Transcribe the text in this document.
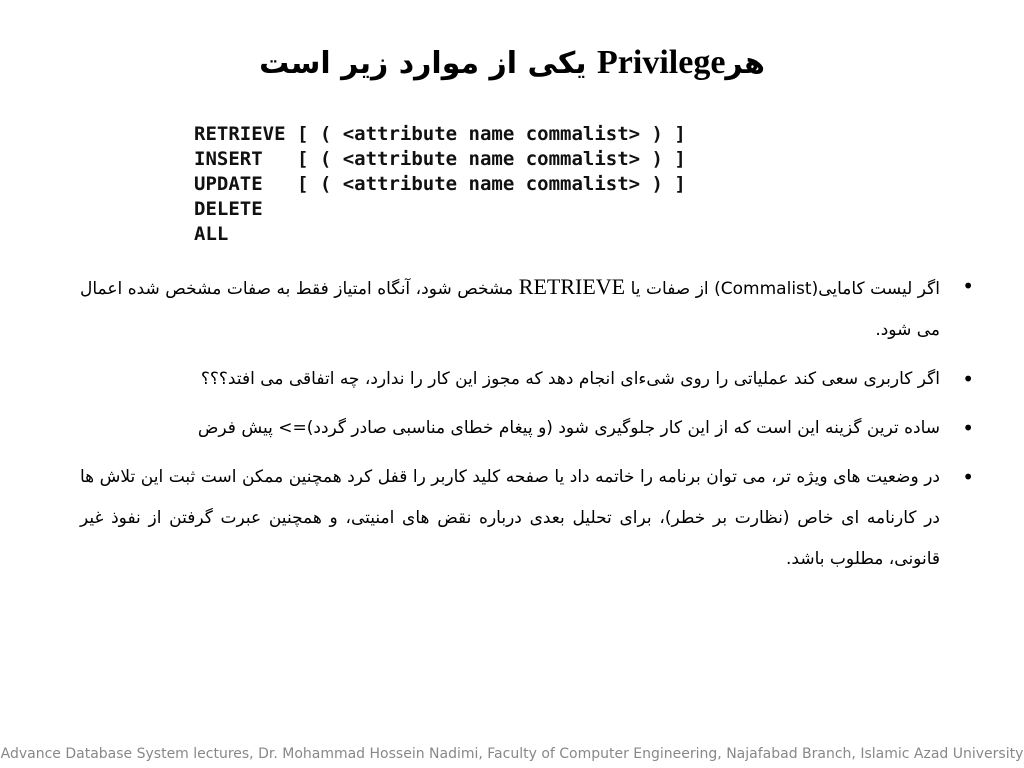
هرPrivilege یکی از موارد زیر است
RETRIEVE [ ( <attribute name commalist> ) ]
INSERT   [ ( <attribute name commalist> ) ]
UPDATE   [ ( <attribute name commalist> ) ]
DELETE
ALL
•
اگر لیست کامایی(Commalist) از صفات یا RETRIEVE مشخص شود، آنگاه امتیاز فقط به صفات مشخص شده اعمال می شود.
•
اگر کاربری سعی کند عملیاتی را روی شیءای انجام دهد که مجوز این کار را ندارد، چه اتفاقی می افتد؟؟؟
•
ساده ترین گزینه این است که از این کار جلوگیری شود (و پیغام خطای مناسبی صادر گردد)=> پیش فرض
•
در وضعیت های ویژه تر، می توان برنامه را خاتمه داد یا صفحه کلید کاربر را قفل کرد همچنین ممکن است ثبت این تلاش ها در کارنامه ای خاص (نظارت بر خطر)، برای تحلیل بعدی درباره نقض های امنیتی، و همچنین عبرت گرفتن از نفوذ غیر قانونی، مطلوب باشد.
Advance Database System lectures, Dr. Mohammad Hossein Nadimi, Faculty of Computer Engineering, Najafabad Branch, Islamic Azad University
